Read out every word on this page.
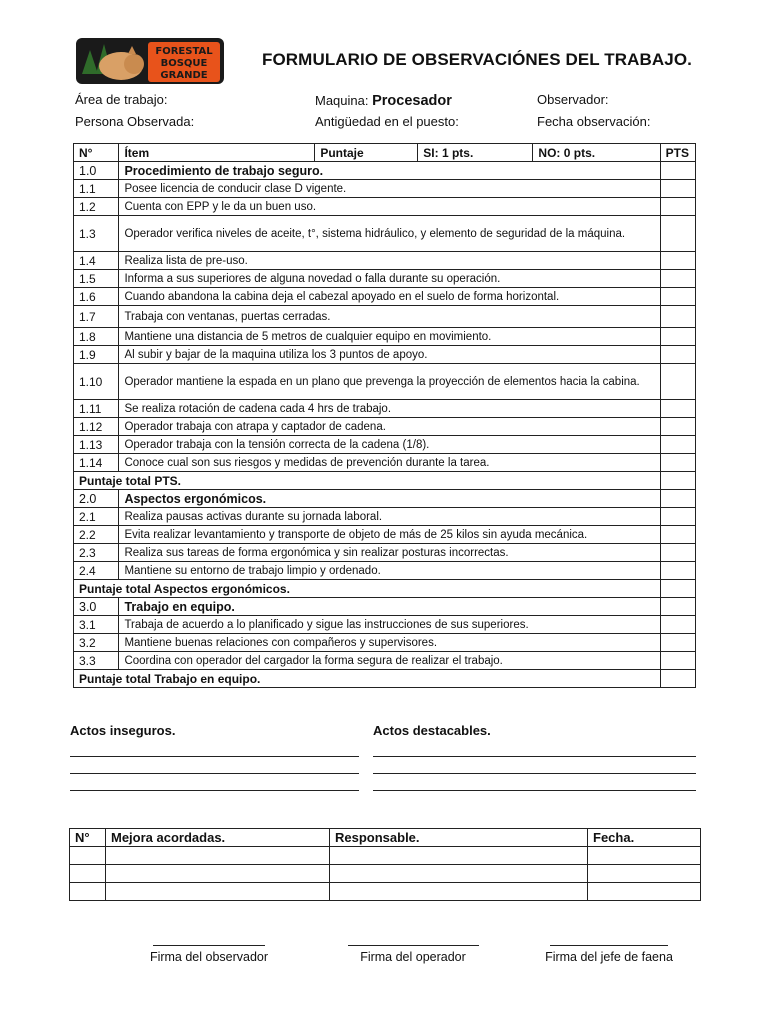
FORESTAL
BOSQUE
GRANDE
FORMULARIO DE OBSERVACIÓNES DEL TRABAJO.
Área de trabajo:	Maquina: Procesador	Observador:
Persona Observada:	Antigüedad en el puesto:	Fecha observación:
N°	Ítem	Puntaje	SI: 1 pts.	NO: 0 pts.	PTS
1.0	Procedimiento de trabajo seguro.				
1.1	Posee licencia de conducir clase D vigente.				
1.2	Cuenta con EPP y le da un buen uso.				
1.3	Operador verifica niveles de aceite, t°, sistema hidráulico, y elemento de seguridad de la máquina.				
1.4	Realiza lista de pre-uso.				
1.5	Informa a sus superiores de alguna novedad o falla durante su operación.				
1.6	Cuando abandona la cabina deja el cabezal apoyado en el suelo de forma horizontal.				
1.7	Trabaja con ventanas, puertas cerradas.				
1.8	Mantiene una distancia de 5 metros de cualquier equipo en movimiento.				
1.9	Al subir y bajar de la maquina utiliza los 3 puntos de apoyo.				
1.10	Operador mantiene la espada en un plano que prevenga la proyección de elementos hacia la cabina.				
1.11	Se realiza rotación de cadena cada 4 hrs de trabajo.				
1.12	Operador trabaja con atrapa y captador de cadena.				
1.13	Operador trabaja con la tensión correcta de la cadena (1/8).				
1.14	Conoce cual son sus riesgos y medidas de prevención durante la tarea.				
Puntaje total PTS.					
2.0	Aspectos ergonómicos.				
2.1	Realiza pausas activas durante su jornada laboral.				
2.2	Evita realizar levantamiento y transporte de objeto de más de 25 kilos sin ayuda mecánica.				
2.3	Realiza sus tareas de forma ergonómica y sin realizar posturas incorrectas.				
2.4	Mantiene su entorno de trabajo limpio y ordenado.				
Puntaje total Aspectos ergonómicos.					
3.0	Trabajo en equipo.				
3.1	Trabaja de acuerdo a lo planificado y sigue las instrucciones de sus superiores.				
3.2	Mantiene buenas relaciones con compañeros y supervisores.				
3.3	Coordina con operador del cargador la forma segura de realizar el trabajo.				
Puntaje total Trabajo en equipo.					
Actos inseguros.	Actos destacables.
N°	Mejora acordadas.	Responsable.	Fecha.

Firma del observador	Firma del operador	Firma del jefe de faena
